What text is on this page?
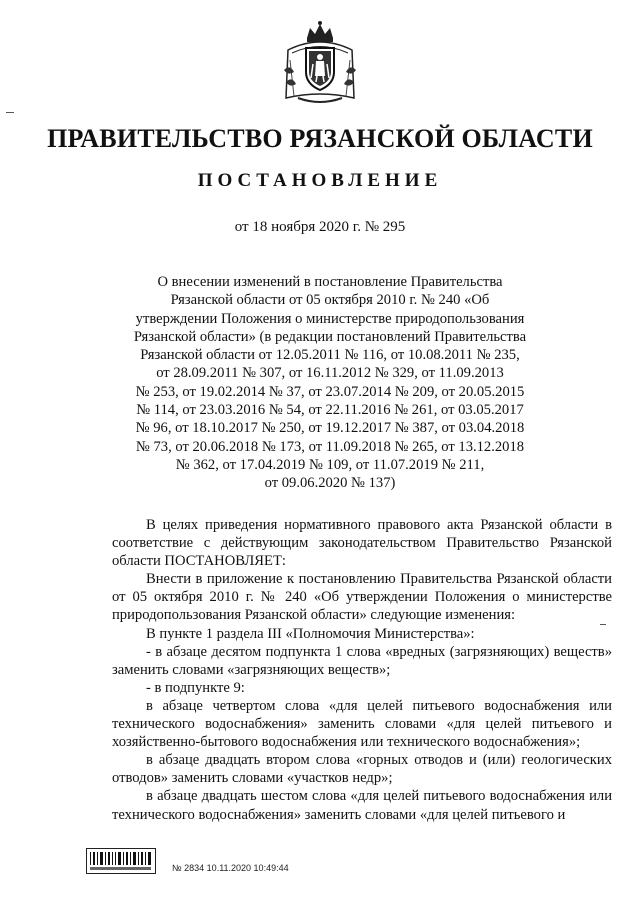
ПРАВИТЕЛЬСТВО РЯЗАНСКОЙ ОБЛАСТИ
ПОСТАНОВЛЕНИЕ
от 18 ноября 2020 г. № 295
О внесении изменений в постановление Правительства
Рязанской области от 05 октября 2010 г. № 240 «Об
утверждении Положения о министерстве природопользования
Рязанской области» (в редакции постановлений Правительства
Рязанской области от 12.05.2011 № 116, от 10.08.2011 № 235,
от 28.09.2011 № 307, от 16.11.2012 № 329, от 11.09.2013
№ 253, от 19.02.2014 № 37, от 23.07.2014 № 209, от 20.05.2015
№ 114, от 23.03.2016 № 54, от 22.11.2016 № 261, от 03.05.2017
№ 96, от 18.10.2017 № 250, от 19.12.2017 № 387, от 03.04.2018
№ 73, от 20.06.2018 № 173, от 11.09.2018 № 265, от 13.12.2018
№ 362, от 17.04.2019 № 109, от 11.07.2019 № 211,
от 09.06.2020 № 137)

В целях приведения нормативного правового акта Рязанской области в соответствие с действующим законодательством Правительство Рязанской области ПОСТАНОВЛЯЕТ:

Внести в приложение к постановлению Правительства Рязанской области от 05 октября 2010 г. № 240 «Об утверждении Положения о министерстве природопользования Рязанской области» следующие изменения:

В пункте 1 раздела III «Полномочия Министерства»:

- в абзаце десятом подпункта 1 слова «вредных (загрязняющих) веществ» заменить словами «загрязняющих веществ»;

- в подпункте 9:

в абзаце четвертом слова «для целей питьевого водоснабжения или технического водоснабжения» заменить словами «для целей питьевого и хозяйственно-бытового водоснабжения или технического водоснабжения»;

в абзаце двадцать втором слова «горных отводов и (или) геологических отводов» заменить словами «участков недр»;

в абзаце двадцать шестом слова «для целей питьевого водоснабжения или технического водоснабжения» заменить словами «для целей питьевого и

№ 2834 10.11.2020 10:49:44
